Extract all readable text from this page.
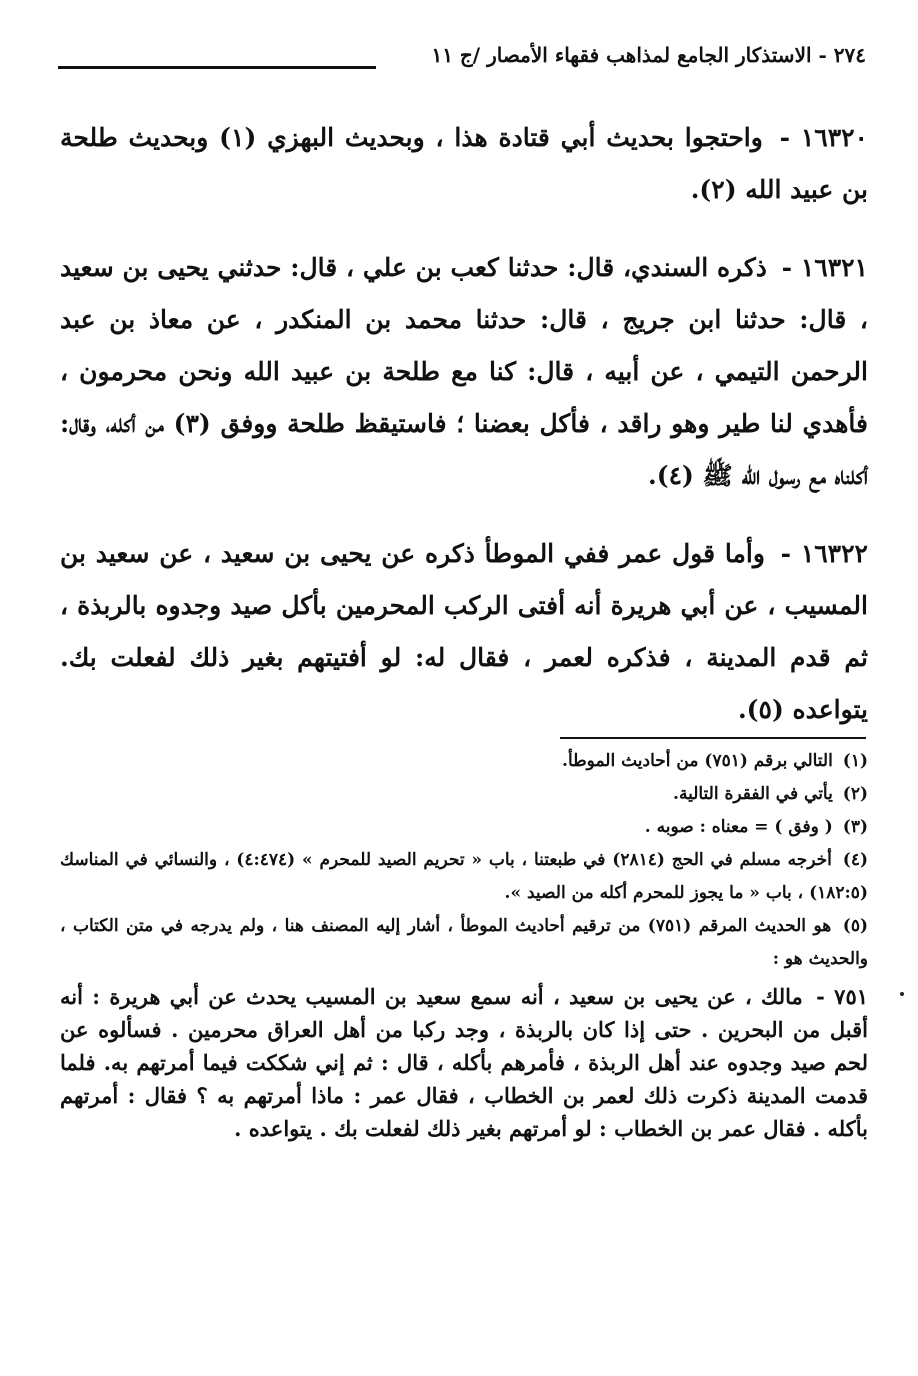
٢٧٤ - الاستذكار الجامع لمذاهب فقهاء الأمصار /ج ١١

١٦٣٢٠ - واحتجوا بحديث أبي قتادة هذا ، وبحديث البهزي (١) وبحديث طلحة بن عبيد الله (٢).

١٦٣٢١ - ذكره السندي، قال: حدثنا كعب بن علي ، قال: حدثني يحيى بن سعيد ، قال: حدثنا ابن جريج ، قال: حدثنا محمد بن المنكدر ، عن معاذ بن عبد الرحمن التيمي ، عن أبيه ، قال: كنا مع طلحة بن عبيد الله ونحن محرمون ، فأهدي لنا طير وهو راقد ، فأكل بعضنا ؛ فاستيقظ طلحة ووفق (٣) من أكله، وقال: أكلناه مع رسول الله ﷺ (٤).

١٦٣٢٢ - وأما قول عمر ففي الموطأ ذكره عن يحيى بن سعيد ، عن سعيد بن المسيب ، عن أبي هريرة أنه أفتى الركب المحرمين بأكل صيد وجدوه بالربذة ، ثم قدم المدينة ، فذكره لعمر ، فقال له: لو أفتيتهم بغير ذلك لفعلت بك. يتواعده (٥).

(١) التالي برقم (٧٥١) من أحاديث الموطأ.

(٢) يأتي في الفقرة التالية.

(٣) ( وفق ) = معناه : صوبه .

(٤) أخرجه مسلم في الحج (٢٨١٤) في طبعتنا ، باب « تحريم الصيد للمحرم » (٤:٤٧٤) ، والنسائي في المناسك (١٨٢:٥) ، باب « ما يجوز للمحرم أكله من الصيد ».

(٥) هو الحديث المرقم (٧٥١) من ترقيم أحاديث الموطأ ، أشار إليه المصنف هنا ، ولم يدرجه في متن الكتاب ، والحديث هو :

٧٥١ - مالك ، عن يحيى بن سعيد ، أنه سمع سعيد بن المسيب يحدث عن أبي هريرة : أنه أقبل من البحرين . حتى إذا كان بالربذة ، وجد ركبا من أهل العراق محرمين . فسألوه عن لحم صيد وجدوه عند أهل الربذة ، فأمرهم بأكله ، قال : ثم إني شككت فيما أمرتهم به. فلما قدمت المدينة ذكرت ذلك لعمر بن الخطاب ، فقال عمر : ماذا أمرتهم به ؟ فقال : أمرتهم بأكله . فقال عمر بن الخطاب : لو أمرتهم بغير ذلك لفعلت بك . يتواعده .
